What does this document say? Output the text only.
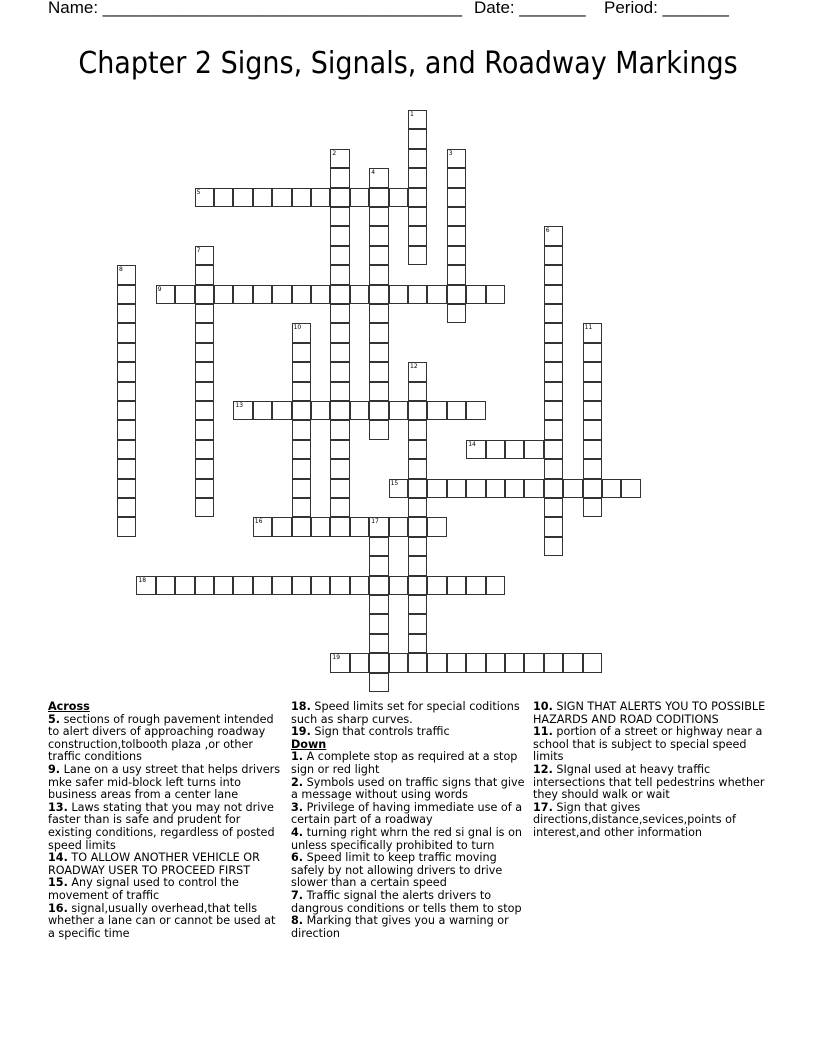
Name: ______________________________________ Date: _______ Period: _______
Chapter 2 Signs, Signals, and Roadway Markings
1
2	3
4
5
6
7
8
9
10	11
12
13
14
15
16	17
18
19
Across
5. sections of rough pavement intended to alert divers of approaching roadway construction,tolbooth plaza ,or other traffic conditions
9. Lane on a usy street that helps drivers mke safer mid-block left turns into business areas from a center lane
13. Laws stating that you may not drive faster than is safe and prudent for existing conditions, regardless of posted speed limits
14. TO ALLOW ANOTHER VEHICLE OR ROADWAY USER TO PROCEED FIRST
15. Any signal used to control the movement of traffic
16. signal,usually overhead,that tells whether a lane can or cannot be used at a specific time
18. Speed limits set for special coditions such as sharp curves.
19. Sign that controls traffic
Down
1. A complete stop as required at a stop sign or red light
2. Symbols used on traffic signs that give a message without using words
3. Privilege of having immediate use of a certain part of a roadway
4. turning right whrn the red si gnal is on unless specifically prohibited to turn
6. Speed limit to keep traffic moving safely by not allowing drivers to drive slower than a certain speed
7. Traffic signal the alerts drivers to dangrous conditions or tells them to stop
8. Marking that gives you a warning or direction
10. SIGN THAT ALERTS YOU TO POSSIBLE HAZARDS AND ROAD CODITIONS
11. portion of a street or highway near a school that is subject to special speed limits
12. SIgnal used at heavy traffic intersections that tell pedestrins whether they should walk or wait
17. Sign that gives directions,distance,sevices,points of interest,and other information
